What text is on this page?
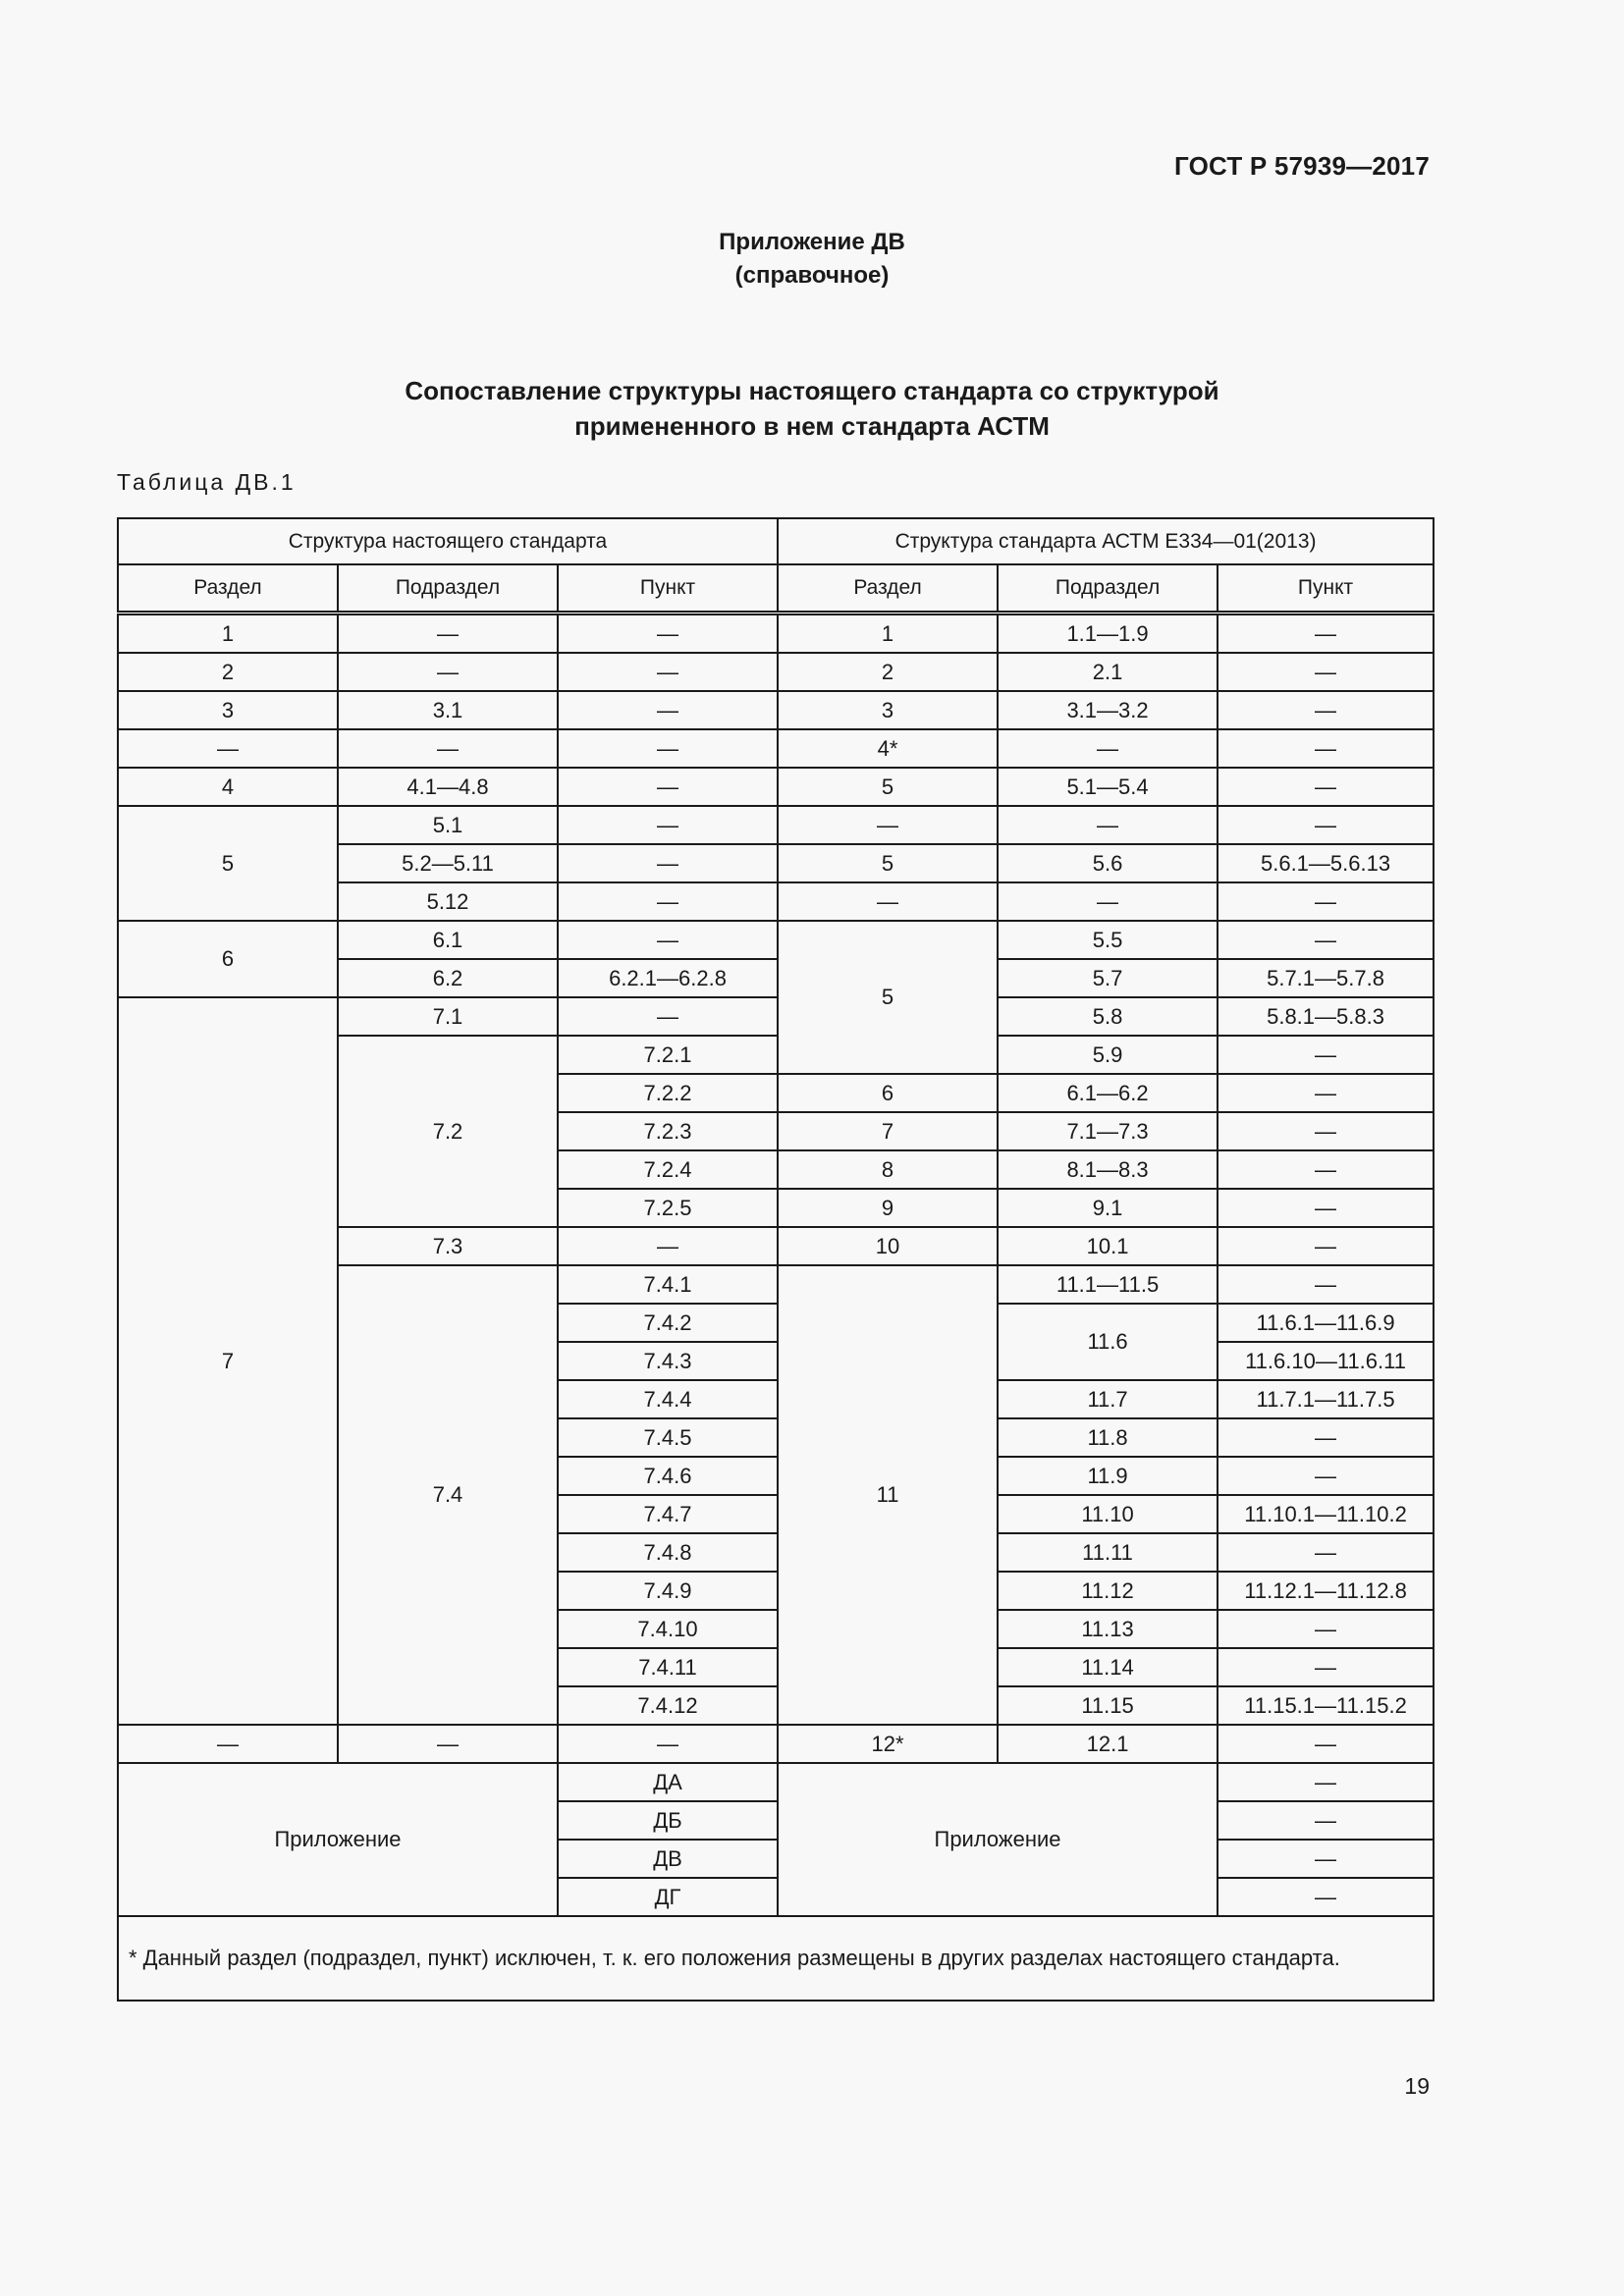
ГОСТ Р 57939—2017
Приложение ДВ
(справочное)
Сопоставление структуры настоящего стандарта со структурой
примененного в нем стандарта АСТМ
Таблица ДВ.1
Структура настоящего стандарта			Структура стандарта АСТМ Е334—01(2013)		
Раздел	Подраздел	Пункт	Раздел	Подраздел	Пункт
1	—	—	1	1.1—1.9	—
2	—	—	2	2.1	—
3	3.1	—	3	3.1—3.2	—
—	—	—	4*	—	—
4	4.1—4.8	—	5	5.1—5.4	—
5	5.1	—	—	—	—
	5.2—5.11	—	5	5.6	5.6.1—5.6.13
	5.12	—	—	—	—
6	6.1	—	5	5.5	—
	6.2	6.2.1—6.2.8		5.7	5.7.1—5.7.8
7	7.1	—		5.8	5.8.1—5.8.3
	7.2	7.2.1		5.9	—
		7.2.2	6	6.1—6.2	—
		7.2.3	7	7.1—7.3	—
		7.2.4	8	8.1—8.3	—
		7.2.5	9	9.1	—
	7.3	—	10	10.1	—
	7.4	7.4.1	11	11.1—11.5	—
		7.4.2		11.6	11.6.1—11.6.9
		7.4.3			11.6.10—11.6.11
		7.4.4		11.7	11.7.1—11.7.5
		7.4.5		11.8	—
		7.4.6		11.9	—
		7.4.7		11.10	11.10.1—11.10.2
		7.4.8		11.11	—
		7.4.9		11.12	11.12.1—11.12.8
		7.4.10		11.13	—
		7.4.11		11.14	—
		7.4.12		11.15	11.15.1—11.15.2
—	—	—	12*	12.1	—
Приложение		ДА	Приложение		—
		ДБ			—
		ДВ			—
		ДГ			—
* Данный раздел (подраздел, пункт) исключен, т. к. его положения размещены в других разделах настоящего стандарта.					
19
